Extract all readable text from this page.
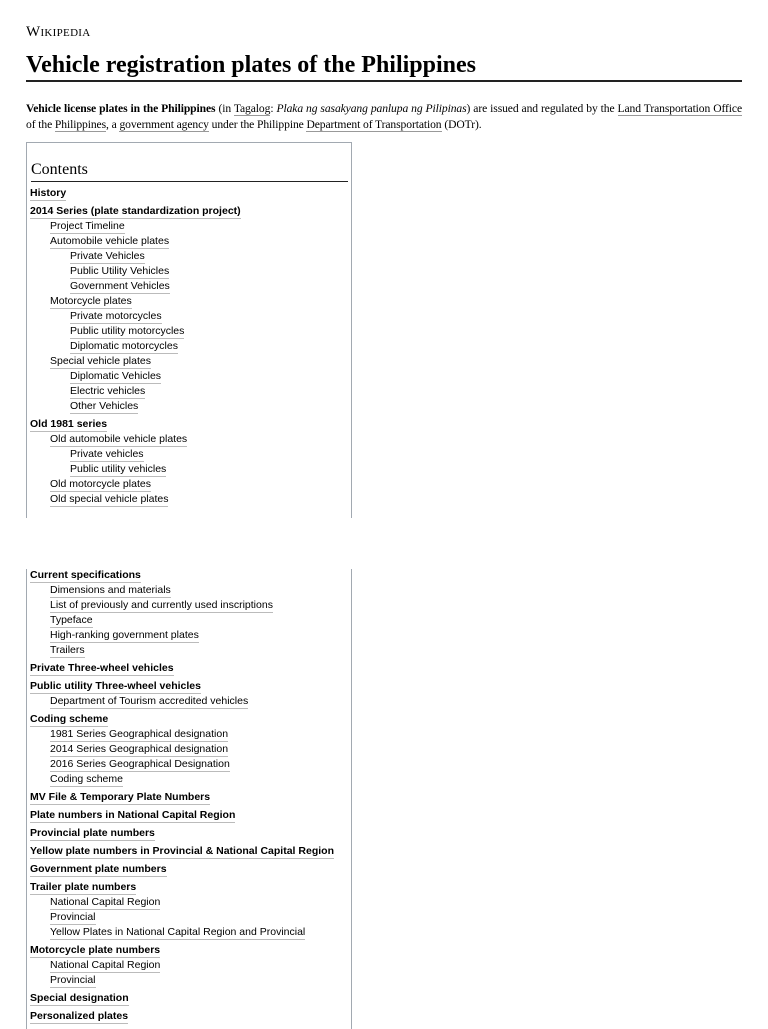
Wikipedia
Vehicle registration plates of the Philippines

Vehicle license plates in the Philippines (in Tagalog: Plaka ng sasakyang panlupa ng Pilipinas) are issued and regulated by the Land Transportation Office of the Philippines, a government agency under the Philippine Department of Transportation (DOTr).

Contents
History
2014 Series (plate standardization project)
Project Timeline
Automobile vehicle plates
Private Vehicles
Public Utility Vehicles
Government Vehicles
Motorcycle plates
Private motorcycles
Public utility motorcycles
Diplomatic motorcycles
Special vehicle plates
Diplomatic Vehicles
Electric vehicles
Other Vehicles
Old 1981 series
Old automobile vehicle plates
Private vehicles
Public utility vehicles
Old motorcycle plates
Old special vehicle plates
Current specifications
Dimensions and materials
List of previously and currently used inscriptions
Typeface
High-ranking government plates
Trailers
Private Three-wheel vehicles
Public utility Three-wheel vehicles
Department of Tourism accredited vehicles
Coding scheme
1981 Series Geographical designation
2014 Series Geographical designation
2016 Series Geographical Designation
Coding scheme
MV File & Temporary Plate Numbers
Plate numbers in National Capital Region
Provincial plate numbers
Yellow plate numbers in Provincial & National Capital Region
Government plate numbers
Trailer plate numbers
National Capital Region
Provincial
Yellow Plates in National Capital Region and Provincial
Motorcycle plate numbers
National Capital Region
Provincial
Special designation
Personalized plates
